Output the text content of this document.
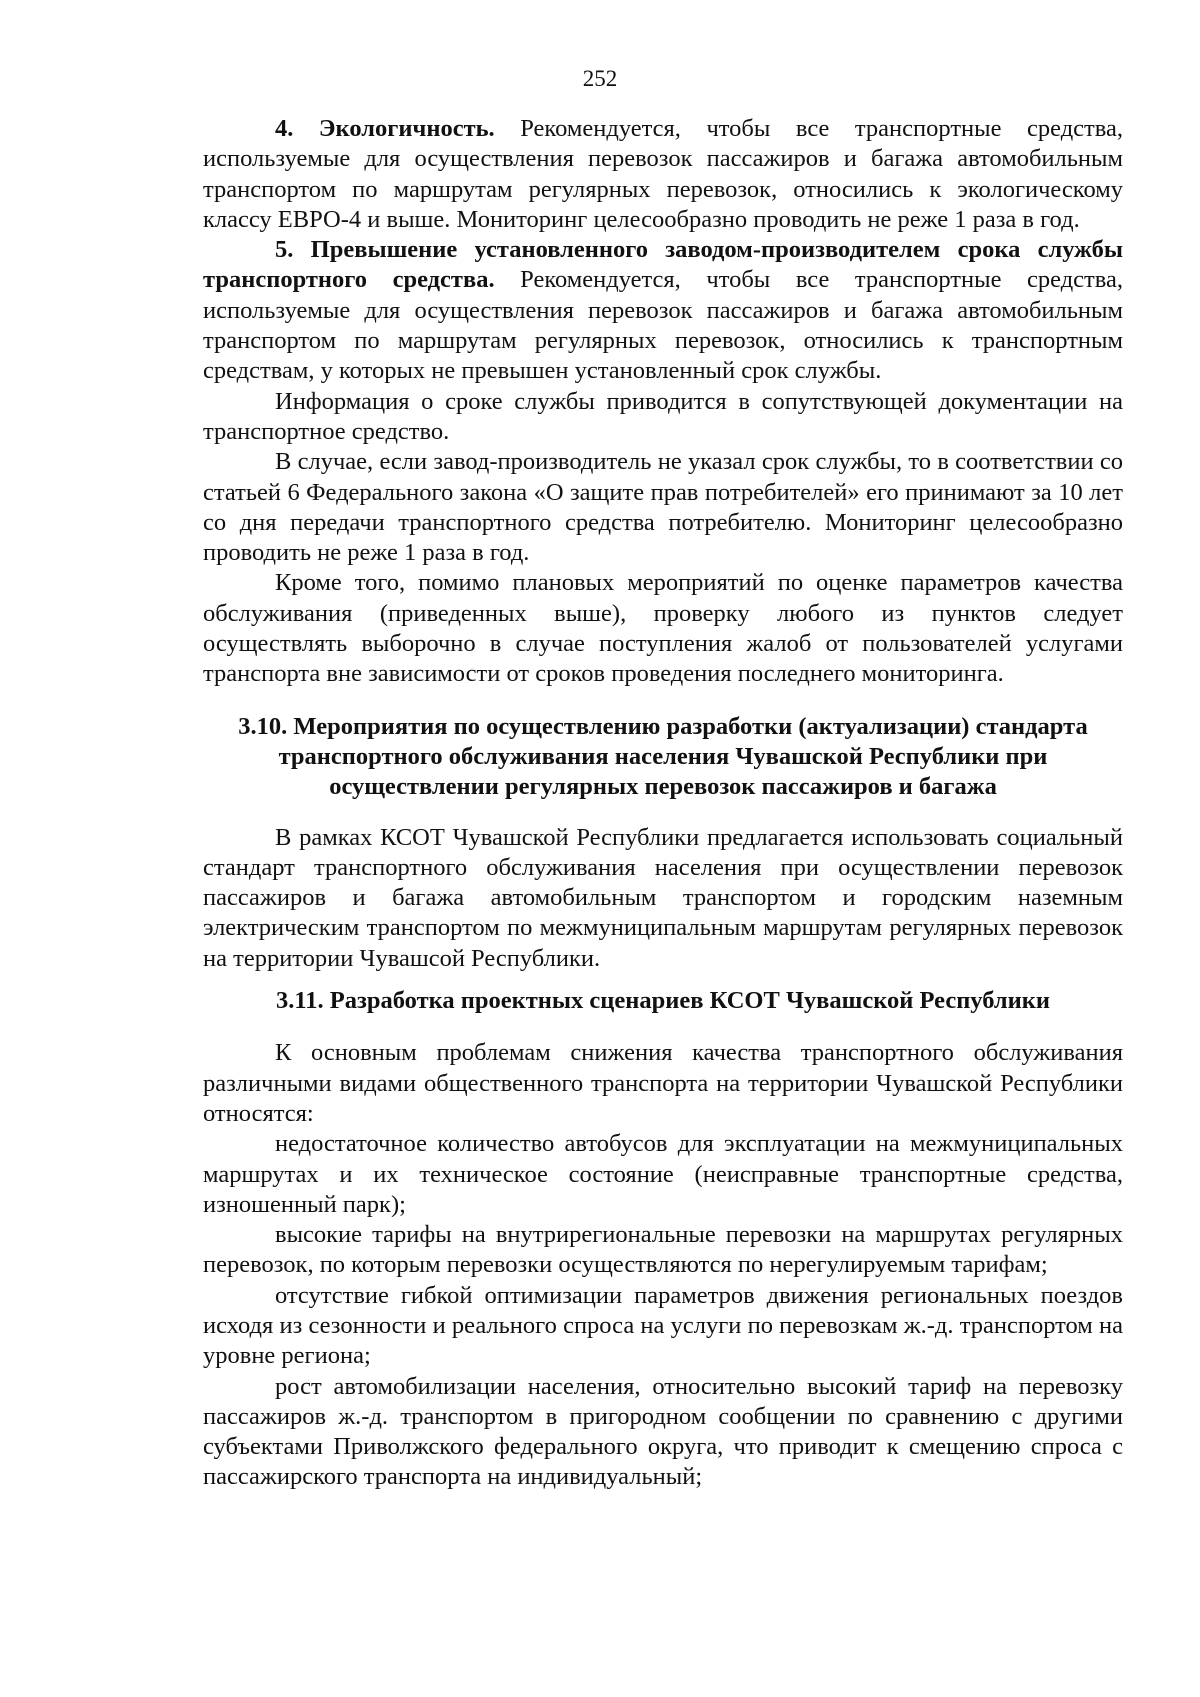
252

4. Экологичность. Рекомендуется, чтобы все транспортные средства, используемые для осуществления перевозок пассажиров и багажа автомобильным транспортом по маршрутам регулярных перевозок, относились к экологическому классу ЕВРО-4 и выше. Мониторинг целесообразно проводить не реже 1 раза в год.

5. Превышение установленного заводом-производителем срока службы транспортного средства. Рекомендуется, чтобы все транспортные средства, используемые для осуществления перевозок пассажиров и багажа автомобильным транспортом по маршрутам регулярных перевозок, относились к транспортным средствам, у которых не превышен установленный срок службы.

Информация о сроке службы приводится в сопутствующей документации на транспортное средство.

В случае, если завод-производитель не указал срок службы, то в соответствии со статьей 6 Федерального закона «О защите прав потребителей» его принимают за 10 лет со дня передачи транспортного средства потребителю. Мониторинг целесообразно проводить не реже 1 раза в год.

Кроме того, помимо плановых мероприятий по оценке параметров качества обслуживания (приведенных выше), проверку любого из пунктов следует осуществлять выборочно в случае поступления жалоб от пользователей услугами транспорта вне зависимости от сроков проведения последнего мониторинга.

3.10. Мероприятия по осуществлению разработки (актуализации) стандарта транспортного обслуживания населения Чувашской Республики при осуществлении регулярных перевозок пассажиров и багажа

В рамках КСОТ Чувашской Республики предлагается использовать социальный стандарт транспортного обслуживания населения при осуществлении перевозок пассажиров и багажа автомобильным транспортом и городским наземным электрическим транспортом по межмуниципальным маршрутам регулярных перевозок на территории Чувашсой Республики.

3.11. Разработка проектных сценариев КСОТ Чувашской Республики

К основным проблемам снижения качества транспортного обслуживания различными видами общественного транспорта на территории Чувашской Республики относятся:

недостаточное количество автобусов для эксплуатации на межмуниципальных маршрутах и их техническое состояние (неисправные транспортные средства, изношенный парк);

высокие тарифы на внутрирегиональные перевозки на маршрутах регулярных перевозок, по которым перевозки осуществляются по нерегулируемым тарифам;

отсутствие гибкой оптимизации параметров движения региональных поездов исходя из сезонности и реального спроса на услуги по перевозкам ж.-д. транспортом на уровне региона;

рост автомобилизации населения, относительно высокий тариф на перевозку пассажиров ж.-д. транспортом в пригородном сообщении по сравнению с другими субъектами Приволжского федерального округа, что приводит к смещению спроса с пассажирского транспорта на индивидуальный;
